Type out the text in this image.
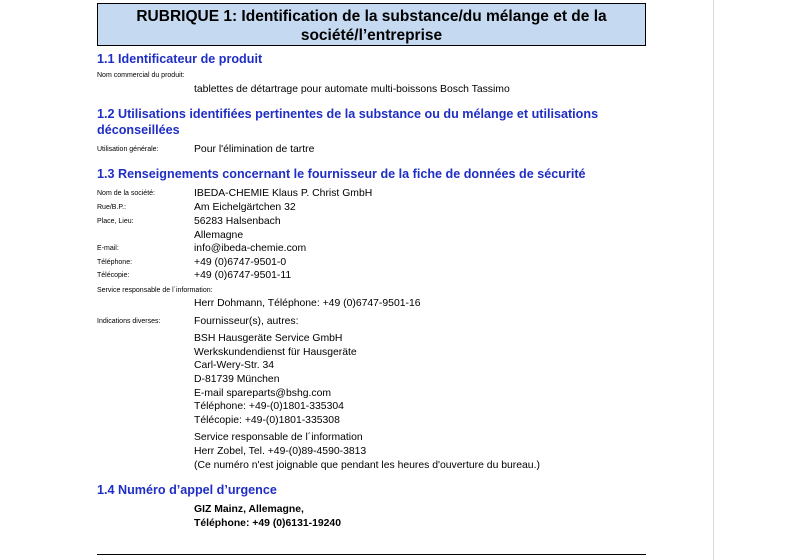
RUBRIQUE 1: Identification de la substance/du mélange et de la
société/l’entreprise
1.1 Identificateur de produit
Nom commercial du produit:
tablettes de détartrage pour automate multi-boissons Bosch Tassimo
1.2 Utilisations identifiées pertinentes de la substance ou du mélange et utilisations
déconseillées
Utilisation générale:	Pour l'élimination de tartre
1.3 Renseignements concernant le fournisseur de la fiche de données de sécurité
Nom de la société:	IBEDA-CHEMIE Klaus P. Christ GmbH
Rue/B.P.:	Am Eichelgärtchen 32
Place, Lieu:	56283 Halsenbach
Allemagne
E-mail:	info@ibeda-chemie.com
Téléphone:	+49 (0)6747-9501-0
Télécopie:	+49 (0)6747-9501-11
Service responsable de l´information:
Herr Dohmann, Téléphone: +49 (0)6747-9501-16
Indications diverses:	Fournisseur(s), autres:
BSH Hausgeräte Service GmbH
Werkskundendienst für Hausgeräte
Carl-Wery-Str. 34
D-81739 München
E-mail spareparts@bshg.com
Téléphone: +49-(0)1801-335304
Télécopie: +49-(0)1801-335308
Service responsable de l´information
Herr Zobel, Tel. +49-(0)89-4590-3813
(Ce numéro n'est joignable que pendant les heures d'ouverture du bureau.)
1.4 Numéro d’appel d’urgence
GIZ Mainz, Allemagne,
Téléphone: +49 (0)6131-19240
